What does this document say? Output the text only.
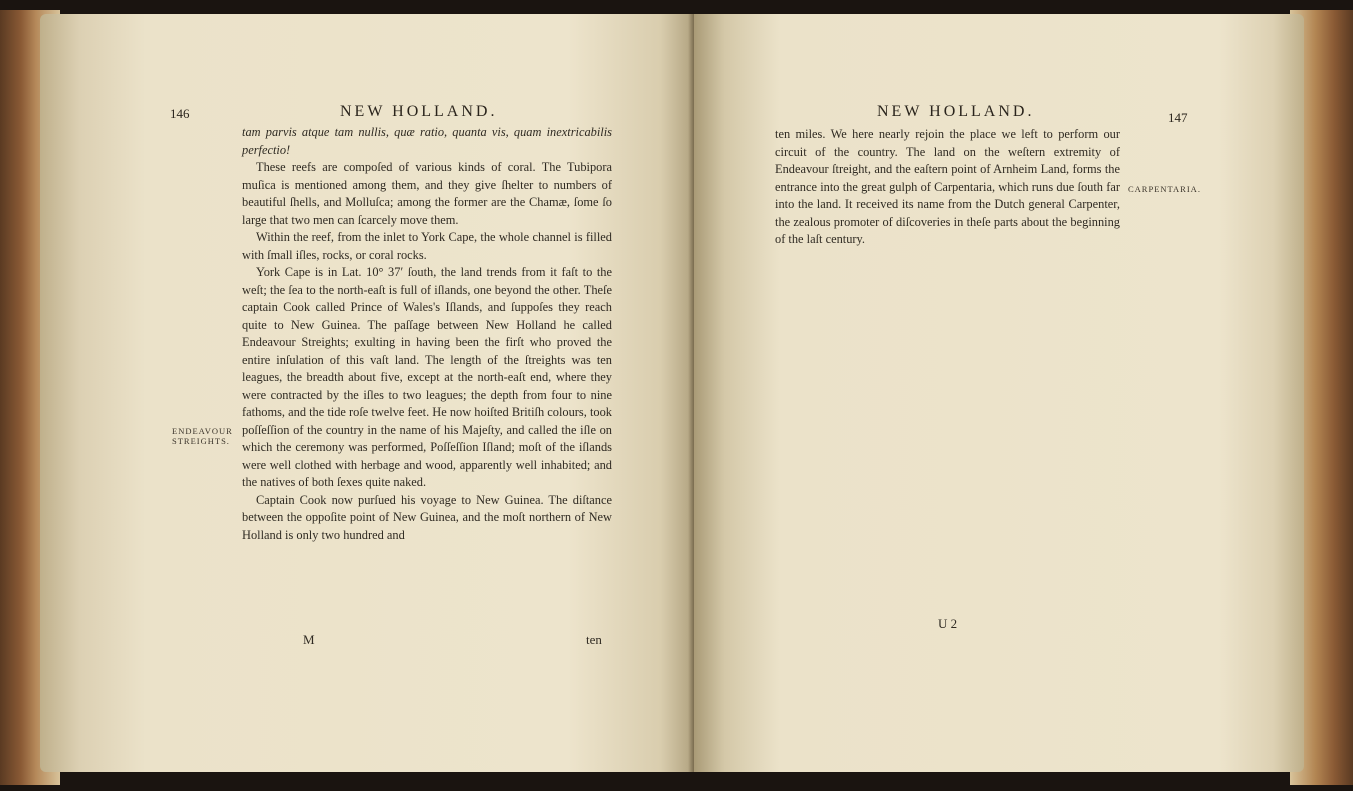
146	NEW HOLLAND.

tam parvis atque tam nullis, quæ ratio, quanta vis, quam inextricabilis perfectio!

These reefs are compoſed of various kinds of coral. The Tubipora muſica is mentioned among them, and they give ſhelter to numbers of beautiful ſhells, and Molluſca; among the former are the Chamæ, ſome ſo large that two men can ſcarcely move them.

Within the reef, from the inlet to York Cape, the whole channel is filled with ſmall iſles, rocks, or coral rocks.

York Cape is in Lat. 10° 37′ ſouth, the land trends from it faſt to the weſt; the ſea to the north-eaſt is full of iſlands, one beyond the other. Theſe captain Cook called Prince of Wales's Iſlands, and ſuppoſes they reach quite to New Guinea. The paſſage between New Holland he called Endeavour Streights; exulting in having been the firſt who proved the entire inſulation of this vaſt land. The length of the ſtreights was ten leagues, the breadth about five, except at the north-eaſt end, where they were contracted by the iſles to two leagues; the depth from four to nine fathoms, and the tide roſe twelve feet. He now hoiſted Britiſh colours, took poſſeſſion of the country in the name of his Majeſty, and called the iſle on which the ceremony was performed, Poſſeſſion Iſland; moſt of the iſlands were well clothed with herbage and wood, apparently well inhabited; and the natives of both ſexes quite naked.

Captain Cook now purſued his voyage to New Guinea. The diſtance between the oppoſite point of New Guinea, and the moſt northern of New Holland is only two hundred and

ENDEAVOUR
STREIGHTS.
M	ten
NEW HOLLAND.	147

ten miles. We here nearly rejoin the place we left to perform our circuit of the country. The land on the weſtern extremity of Endeavour ſtreight, and the eaſtern point of Arnheim Land, forms the entrance into the great gulph of Carpentaria, which runs due ſouth far into the land. It received its name from the Dutch general Carpenter, the zealous promoter of diſcoveries in theſe parts about the beginning of the laſt century.

CARPENTARIA.
U 2
